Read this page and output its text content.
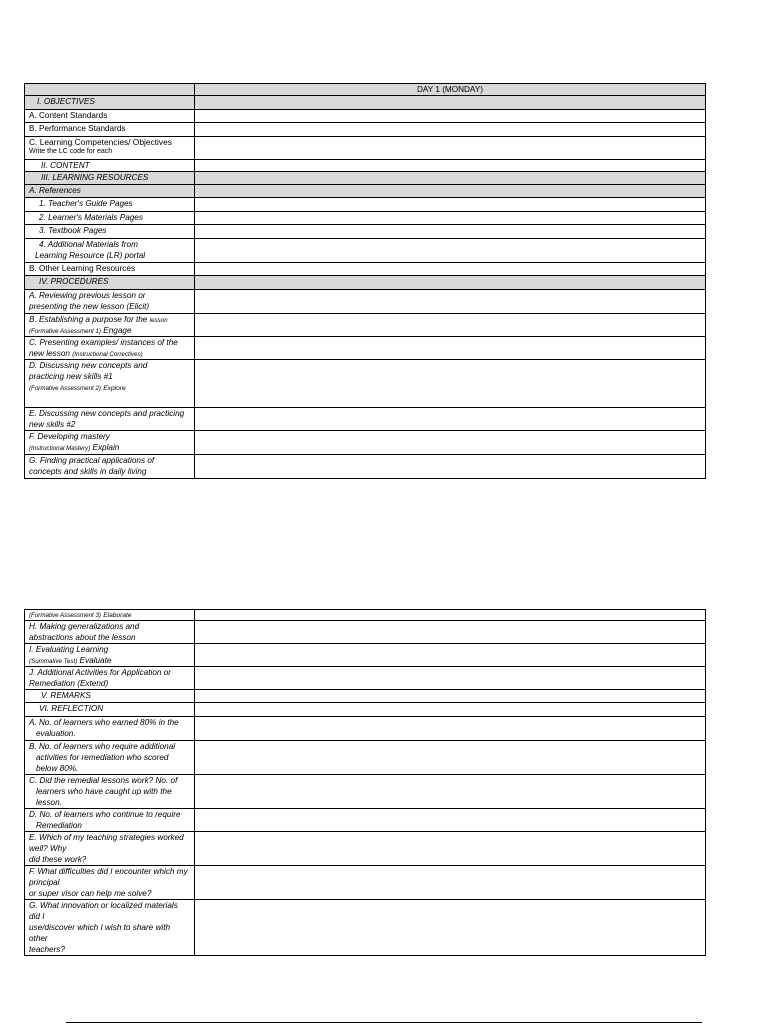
	DAY 1 (MONDAY)
I. OBJECTIVES	
A. Content Standards	
B. Performance Standards	

C. Learning Competencies/ Objectives
Write the LC code for each	

II. CONTENT	
III. LEARNING RESOURCES	
A. References	
1. Teacher's Guide Pages	
2. Learner's Materials Pages	
3. Textbook Pages	

4. Additional Materials from
Learning Resource (LR) portal	

B. Other Learning Resources	
IV. PROCEDURES	

A. Reviewing previous lesson or
presenting the new lesson (Elicit)	

B. Establishing a purpose for the lesson
(Formative Assessment 1) Engage	

C. Presenting examples/ instances of the
new lesson (Instructional Correctives)	

D. Discussing new concepts and
practicing new skills #1
(Formative Assessment 2) Explore	

E. Discussing new concepts and practicing
new skills #2	

F. Developing mastery
(Instructional Mastery) Explain	

G. Finding practical applications of
concepts and skills in daily living	

(Formative Assessment 3) Elaborate	

H. Making generalizations and
abstractions about the lesson	

I. Evaluating Learning
(Summative Test) Evaluate	

J. Additional Activities for Application or
Remediation (Extend)	

V. REMARKS	
VI. REFLECTION	

A. No. of learners who earned 80% in the
evaluation.	

B. No. of learners who require additional
activities for remediation who scored
below 80%.	

C. Did the remedial lessons work? No. of
learners who have caught up with the
lesson.	

D. No. of learners who continue to require
Remediation	

E. Which of my teaching strategies worked well? Why
did these work?	

F. What difficulties did I encounter which my principal
or super visor can help me solve?	

G. What innovation or localized materials did I
use/discover which I wish to share with other
teachers?	
